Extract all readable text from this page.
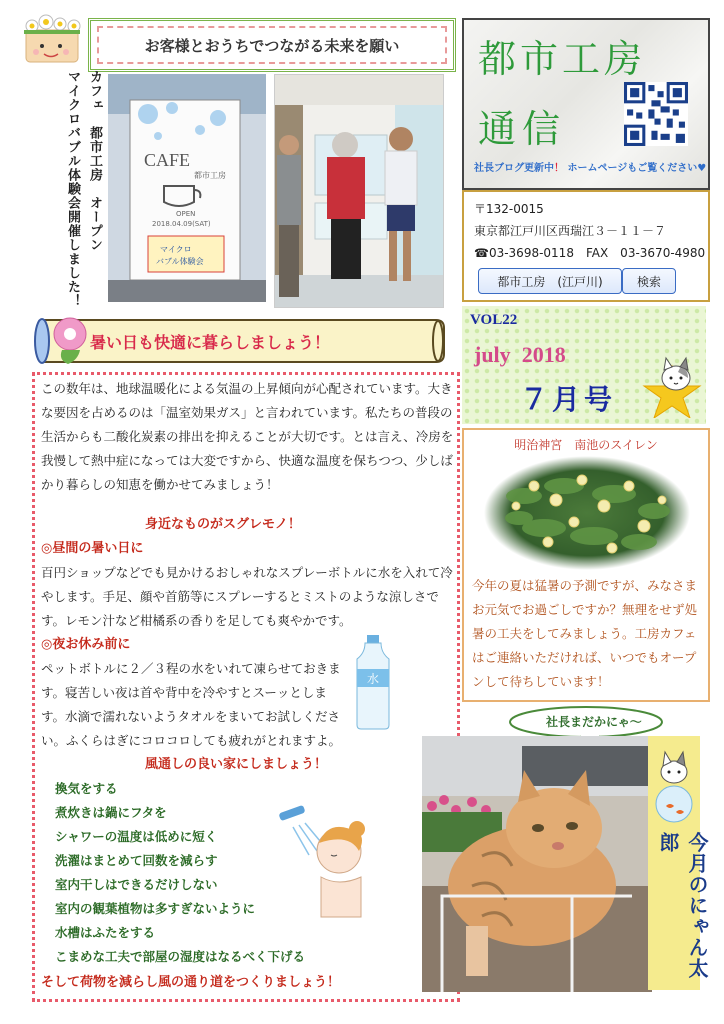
お客様とおうちでつながる未来を願い	都市工房
通信
社長ブログ更新中！ ホームページもご覧ください♥
〒132-0015
東京都江戸川区西瑞江３－１１－７
☎03-3698-0118　FAX　03-3670-4980
都市工房　(江戸川)	検索
VOL22
july 2018
７月号
明治神宮　南池のスイレン
今年の夏は猛暑の予測ですが、みなさまお元気でお過ごしですか？無理をせず処暑の工夫をしてみましょう。工房カフェはご連絡いただければ、いつでもオープンして待ちしています！
カフェ　都市工房　オープン
マイクロバブル体験会開催しました！	CAFE
都市工房
OPEN
2018.04.09(SAT)
マイクロ
バブル体験会
暑い日も快適に暮らしましょう！
この数年は、地球温暖化による気温の上昇傾向が心配されています。大きな要因を占めるのは「温室効果ガス」と言われています。私たちの普段の生活からも二酸化炭素の排出を抑えることが大切です。とは言え、冷房を我慢して熱中症になっては大変ですから、快適な温度を保ちつつ、少しばかり暮らしの知恵を働かせてみましょう！
身近なものがスグレモノ！
◎昼間の暑い日に
百円ショップなどでも見かけるおしゃれなスプレーボトルに水を入れて冷やします。手足、顔や首筋等にスプレーするとミストのような涼しさです。レモン汁など柑橘系の香りを足しても爽やかです。
◎夜お休み前に
ペットボトルに２／３程の水をいれて凍らせておきます。寝苦しい夜は首や背中を冷やすとスーッとします。水滴で濡れないようタオルをまいてお試しください。ふくらはぎにコロコロしても疲れがとれますよ。
水
風通しの良い家にしましょう！
換気をする
煮炊きは鍋にフタを
シャワーの温度は低めに短く
洗濯はまとめて回数を減らす
室内干しはできるだけしない
室内の観葉植物は多すぎないように
水槽はふたをする
こまめな工夫で部屋の湿度はなるべく下げる
そして荷物を減らし風の通り道をつくりましょう！
社長まだかにゃ～
今月のにゃん太郎
